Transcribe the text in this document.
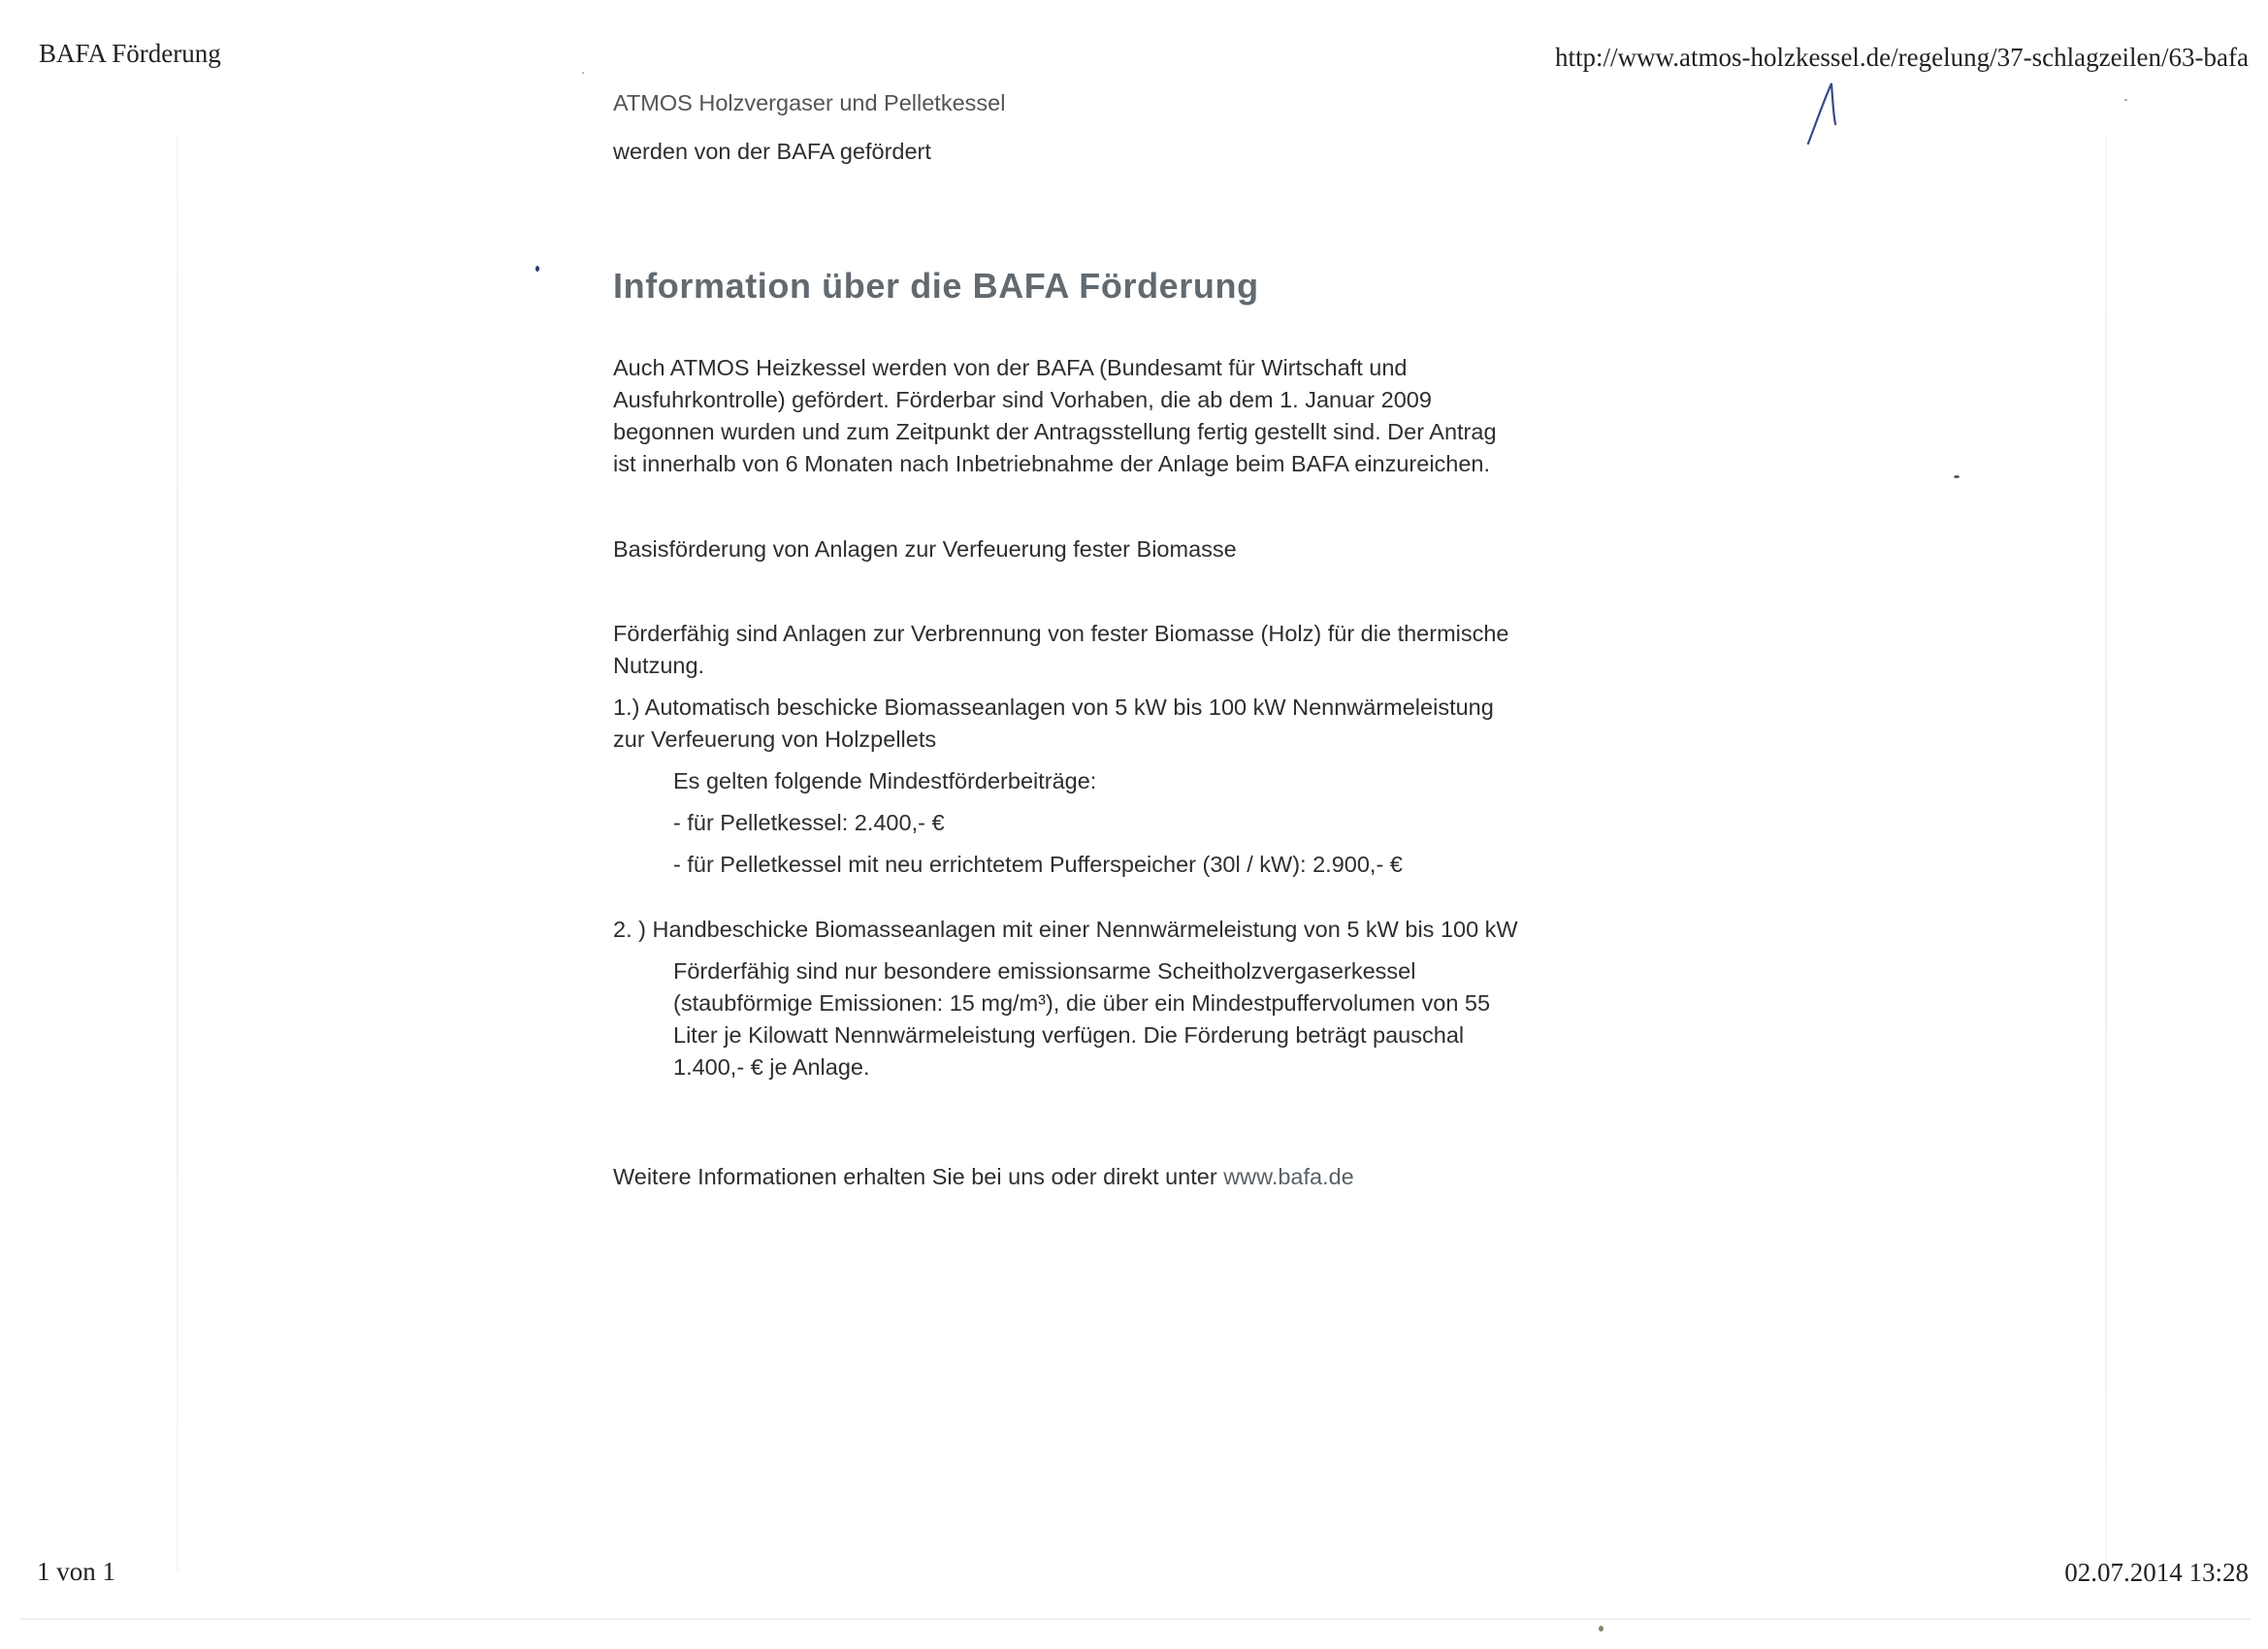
BAFA Förderung	http://www.atmos-holzkessel.de/regelung/37-schlagzeilen/63-bafa
ATMOS Holzvergaser und Pelletkessel

werden von der BAFA gefördert

Information über die BAFA Förderung

Auch ATMOS Heizkessel werden von der BAFA (Bundesamt für Wirtschaft und Ausfuhrkontrolle) gefördert. Förderbar sind Vorhaben, die ab dem 1. Januar 2009 begonnen wurden und zum Zeitpunkt der Antragsstellung fertig gestellt sind. Der Antrag ist innerhalb von 6 Monaten nach Inbetriebnahme der Anlage beim BAFA einzureichen.

Basisförderung von Anlagen zur Verfeuerung fester Biomasse

Förderfähig sind Anlagen zur Verbrennung von fester Biomasse (Holz) für die thermische Nutzung.

1.) Automatisch beschicke Biomasseanlagen von 5 kW bis 100 kW Nennwärmeleistung zur Verfeuerung von Holzpellets

Es gelten folgende Mindestförderbeiträge:

- für Pelletkessel: 2.400,- €

- für Pelletkessel mit neu errichtetem Pufferspeicher (30l / kW): 2.900,- €

2. ) Handbeschicke Biomasseanlagen mit einer Nennwärmeleistung von 5 kW bis 100 kW

Förderfähig sind nur besondere emissionsarme Scheitholzvergaserkessel (staubförmige Emissionen: 15 mg/m³), die über ein Mindestpuffervolumen von 55 Liter je Kilowatt Nennwärmeleistung verfügen. Die Förderung beträgt pauschal 1.400,- € je Anlage.

Weitere Informationen erhalten Sie bei uns oder direkt unter www.bafa.de

1 von 1	02.07.2014 13:28
